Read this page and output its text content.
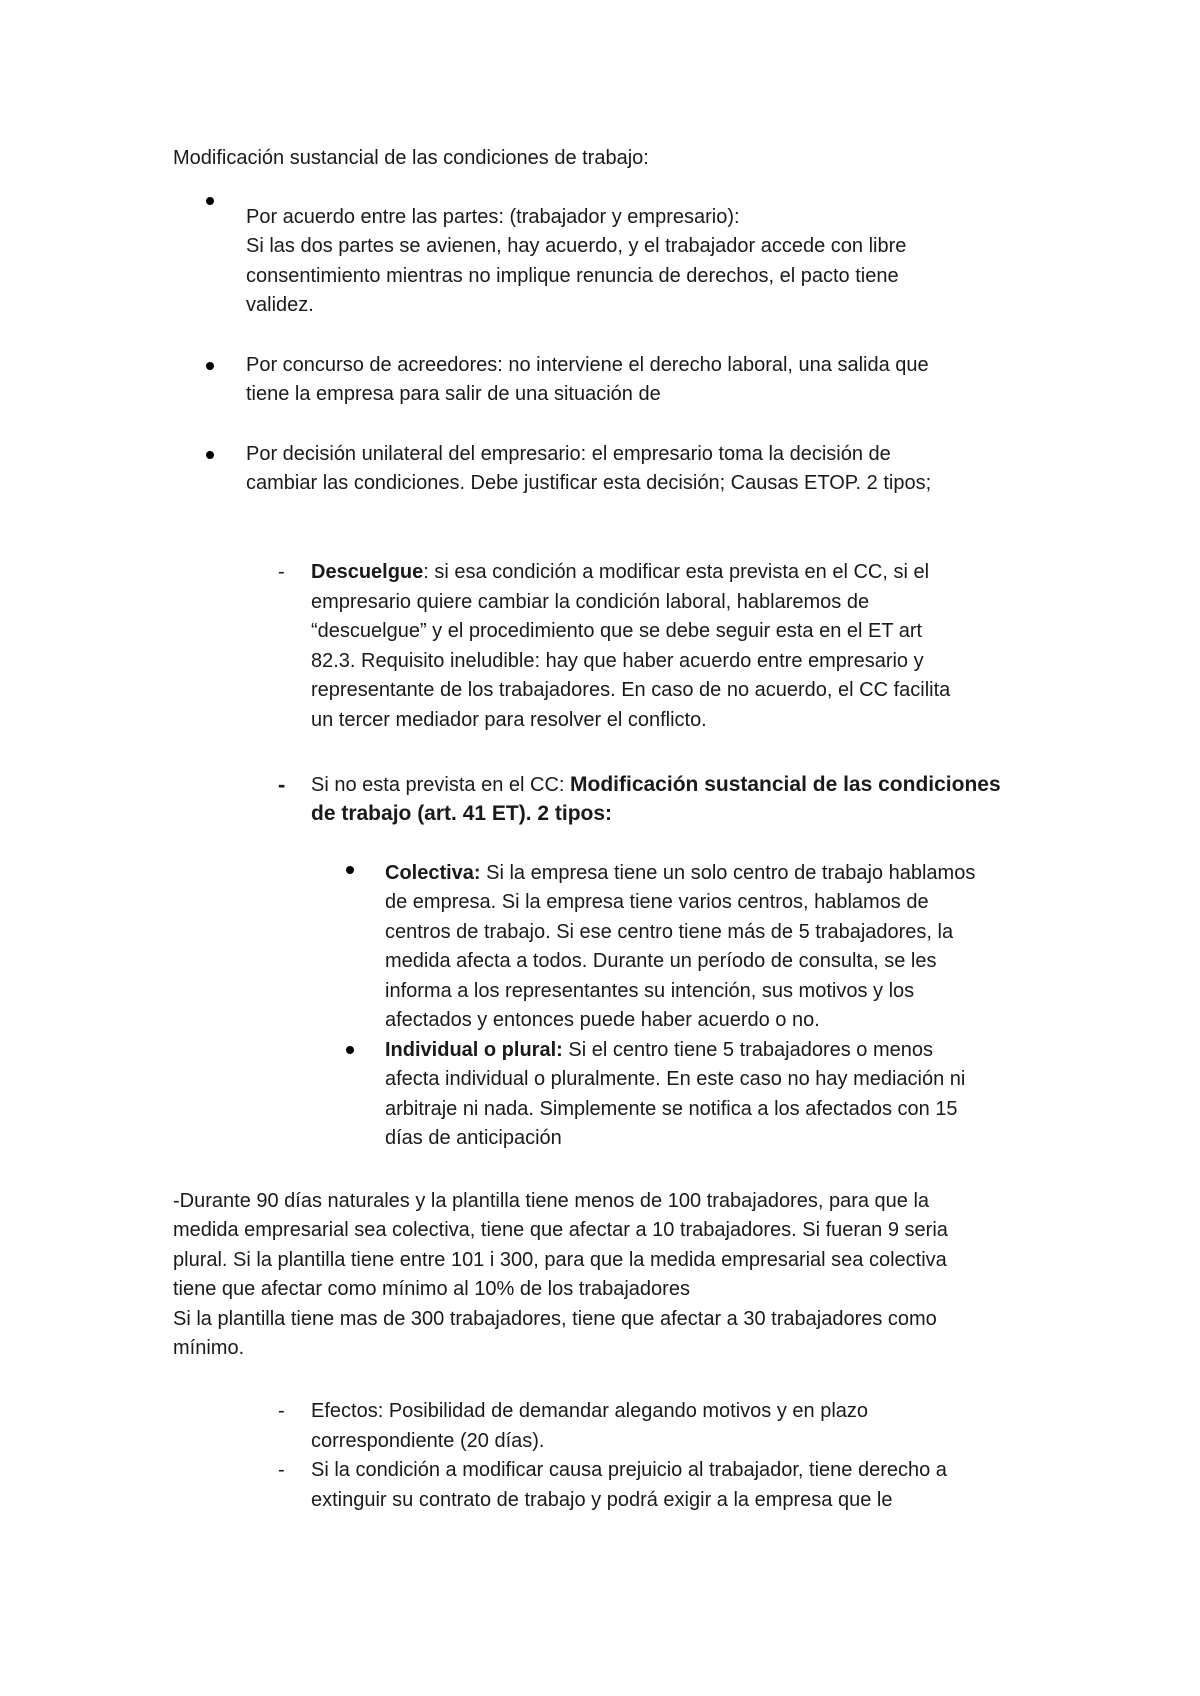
Modificación sustancial de las condiciones de trabajo:
Por acuerdo entre las partes: (trabajador y empresario):
Si las dos partes se avienen, hay acuerdo, y el trabajador accede con libre
consentimiento mientras no implique renuncia de derechos, el pacto tiene
validez.
Por concurso de acreedores: no interviene el derecho laboral, una salida que
tiene la empresa para salir de una situación de
Por decisión unilateral del empresario: el empresario toma la decisión de
cambiar las condiciones. Debe justificar esta decisión; Causas ETOP. 2 tipos;
- Descuelgue: si esa condición a modificar esta prevista en el CC, si el
empresario quiere cambiar la condición laboral, hablaremos de
“descuelgue” y el procedimiento que se debe seguir esta en el ET art
82.3. Requisito ineludible: hay que haber acuerdo entre empresario y
representante de los trabajadores. En caso de no acuerdo, el CC facilita
un tercer mediador para resolver el conflicto.
- Si no esta prevista en el CC: Modificación sustancial de las condiciones
de trabajo (art. 41 ET). 2 tipos:
Colectiva: Si la empresa tiene un solo centro de trabajo hablamos
de empresa. Si la empresa tiene varios centros, hablamos de
centros de trabajo. Si ese centro tiene más de 5 trabajadores, la
medida afecta a todos. Durante un período de consulta, se les
informa a los representantes su intención, sus motivos y los
afectados y entonces puede haber acuerdo o no.
Individual o plural: Si el centro tiene 5 trabajadores o menos
afecta individual o pluralmente. En este caso no hay mediación ni
arbitraje ni nada. Simplemente se notifica a los afectados con 15
días de anticipación
-Durante 90 días naturales y la plantilla tiene menos de 100 trabajadores, para que la
medida empresarial sea colectiva, tiene que afectar a 10 trabajadores. Si fueran 9 seria
plural. Si la plantilla tiene entre 101 i 300, para que la medida empresarial sea colectiva
tiene que afectar como mínimo al 10% de los trabajadores
Si la plantilla tiene mas de 300 trabajadores, tiene que afectar a 30 trabajadores como
mínimo.
- Efectos: Posibilidad de demandar alegando motivos y en plazo
correspondiente (20 días).
- Si la condición a modificar causa prejuicio al trabajador, tiene derecho a
extinguir su contrato de trabajo y podrá exigir a la empresa que le
